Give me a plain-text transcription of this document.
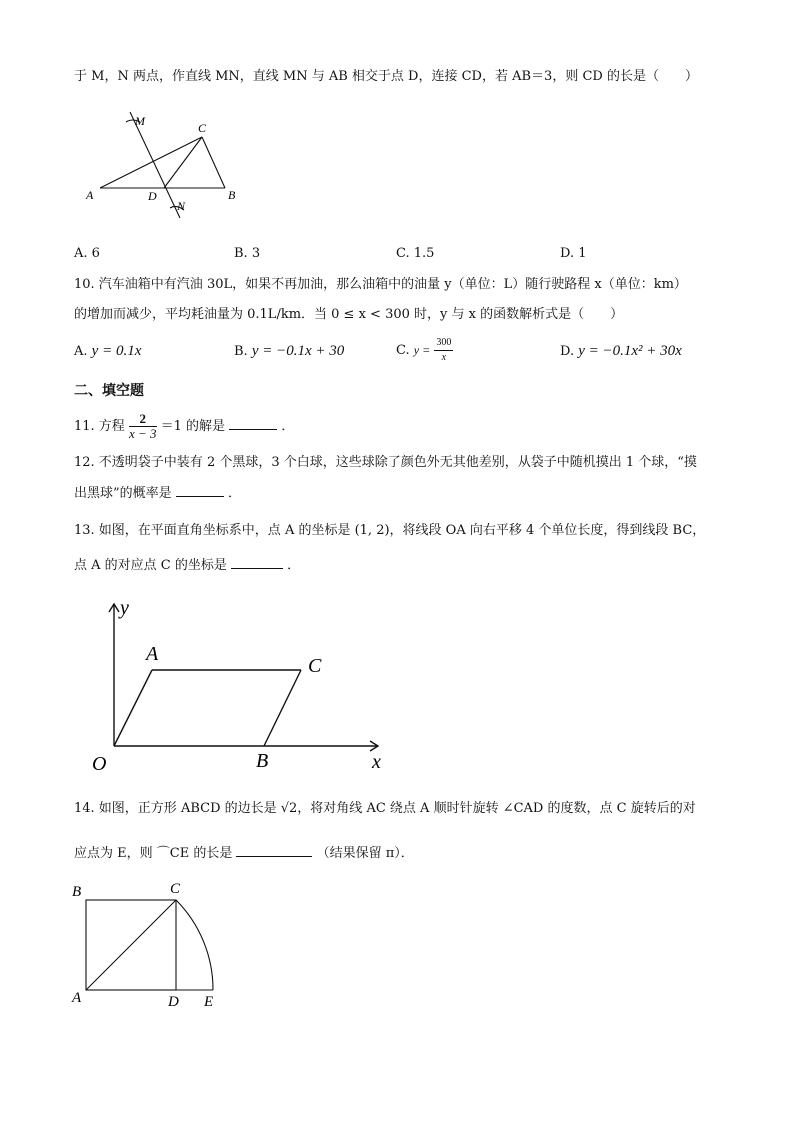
于 M，N 两点，作直线 MN，直线 MN 与 AB 相交于点 D，连接 CD，若 AB＝3，则 CD 的长是（　　）
M	C
A	D	B
N
A. 6	B. 3	C. 1.5	D. 1
10. 汽车油箱中有汽油 30L，如果不再加油，那么油箱中的油量 y（单位：L）随行驶路程 x（单位：km）
的增加而减少，平均耗油量为 0.1L/km．当 0 ≤ x < 300 时，y 与 x 的函数解析式是（　　）
A. y = 0.1x	B. y = −0.1x + 30	C. $y = \frac{300}{x}$	D. y = −0.1x² + 30x
二、填空题
11. 方程 $\frac{2}{x - 3} =1$ 的解是	．
12. 不透明袋子中装有 2 个黑球，3 个白球，这些球除了颜色外无其他差别，从袋子中随机摸出 1 个球，“摸
出黑球”的概率是	．
13. 如图，在平面直角坐标系中，点 A 的坐标是 (1, 2)，将线段 OA 向右平移 4 个单位长度，得到线段 BC，
点 A 的对应点 C 的坐标是	．
y
A
C
O	B	x
14. 如图，正方形 ABCD 的边长是 √2，将对角线 AC 绕点 A 顺时针旋转 ∠CAD 的度数，点 C 旋转后的对
应点为 E，则 ⌒CE 的长是	（结果保留 π）．
B	C
A	D E
